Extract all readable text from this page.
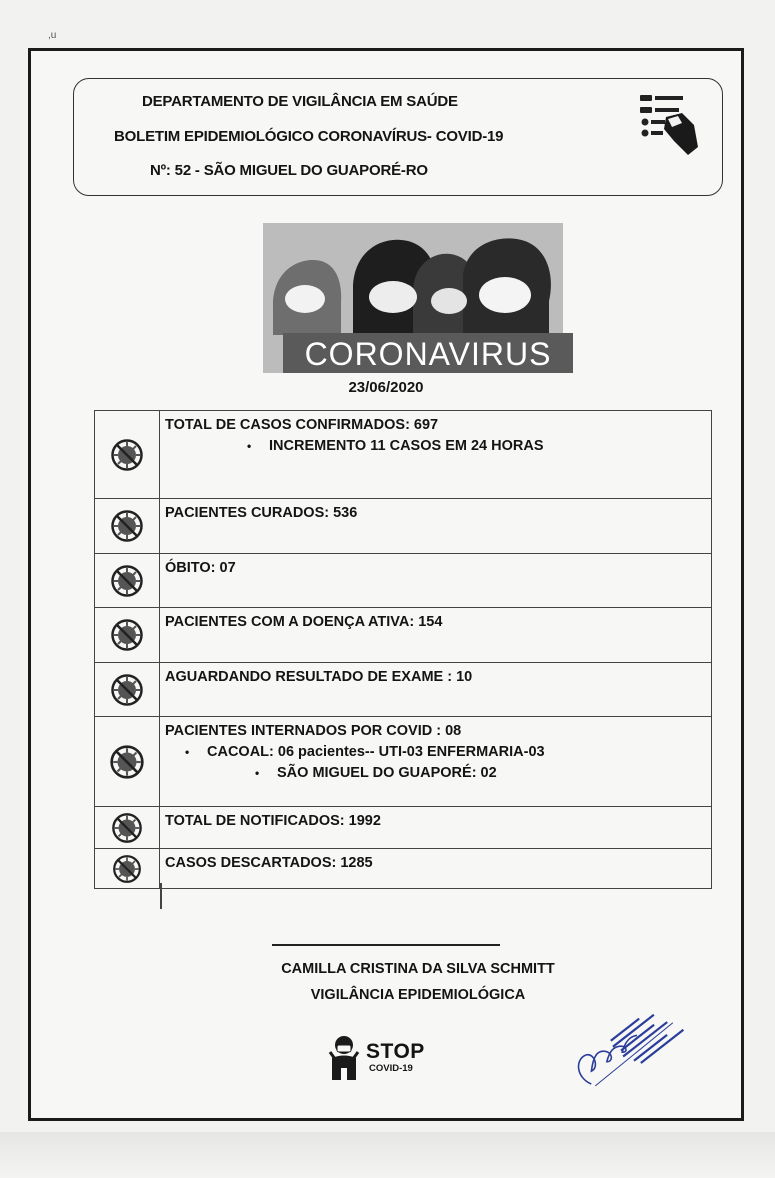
,u
DEPARTAMENTO DE VIGILÂNCIA EM SAÚDE
BOLETIM EPIDEMIOLÓGICO CORONAVÍRUS- COVID-19
Nº: 52 - SÃO MIGUEL DO GUAPORÉ-RO
CORONAVIRUS
23/06/2020
	TOTAL DE CASOS CONFIRMADOS: 697
• INCREMENTO 11 CASOS EM 24 HORAS

	PACIENTES CURADOS: 536

	ÓBITO: 07

	PACIENTES COM A DOENÇA ATIVA: 154

	AGUARDANDO RESULTADO DE EXAME : 10

	PACIENTES INTERNADOS POR COVID : 08
• CACOAL: 06 pacientes-- UTI-03 ENFERMARIA-03
• SÃO MIGUEL DO GUAPORÉ: 02

	TOTAL DE NOTIFICADOS: 1992

	CASOS DESCARTADOS: 1285
CAMILLA CRISTINA DA SILVA SCHMITT
VIGILÂNCIA EPIDEMIOLÓGICA
STOP
COVID-19
